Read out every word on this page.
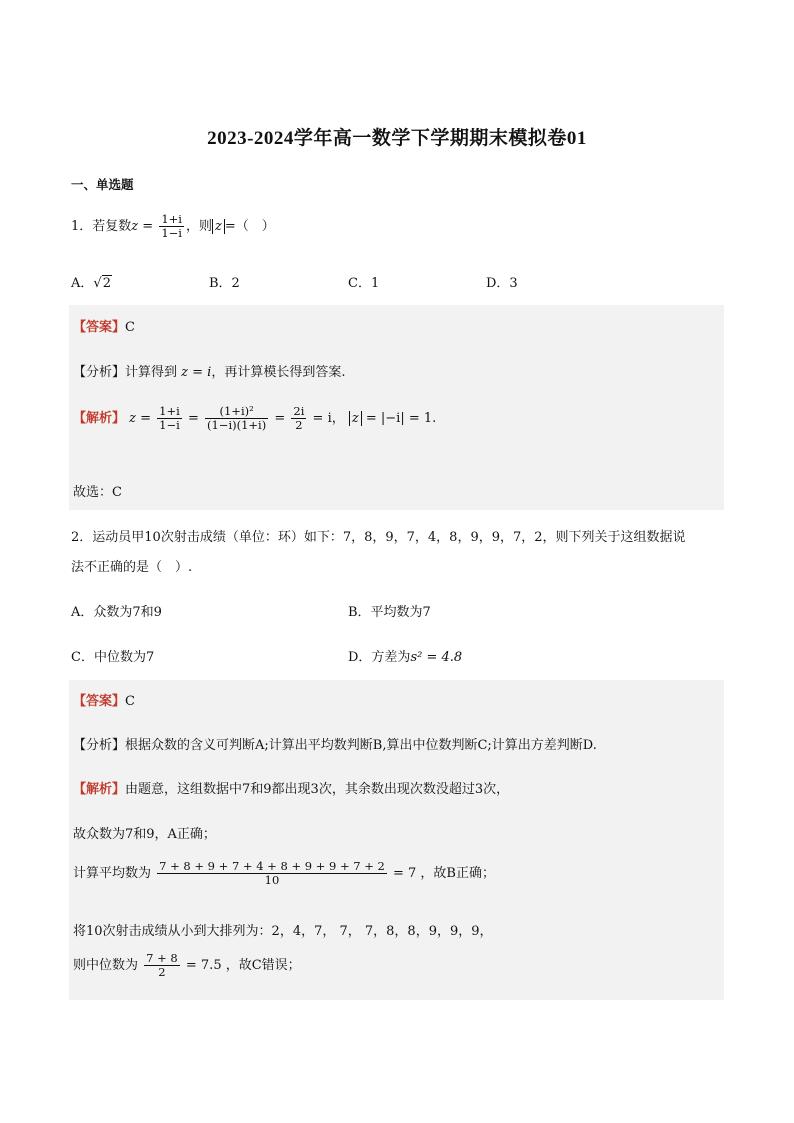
2023-2024学年高一数学下学期期末模拟卷01
一、单选题
1．若复数$z = \frac{1+i}{1-i}$ ，则 z =（　）
A．√2	B．2	C．1	D．3
【答案】C
【分析】计算得到 z = i，再计算模长得到答案.
【解析】 $z = \frac{1+i}{1-i} = \frac{\text{(1+i)²}}{(1-i)(1+i)} = \frac{2i}{2} = i$， z = |−i| = 1.
故选：C
2．运动员甲10次射击成绩（单位：环）如下：7，8，9，7，4，8，9，9，7，2，则下列关于这组数据说
法不正确的是（　）.
A．众数为7和9	B．平均数为7
C．中位数为7	D．方差为s² = 4.8
【答案】C
【分析】根据众数的含义可判断A;计算出平均数判断B,算出中位数判断C;计算出方差判断D.
【解析】由题意，这组数据中7和9都出现3次，其余数出现次数没超过3次，
故众数为7和9，A正确；
计算平均数为 $\frac{7 + 8 + 9 + 7 + 4 + 8 + 9 + 9 + 7 + 2}{10} = 7$ ，故B正确；
将10次射击成绩从小到大排列为：2，4，7， 7， 7，8，8，9，9，9，
则中位数为 $\frac{7 + 8}{2} = 7.5$ ，故C错误；
